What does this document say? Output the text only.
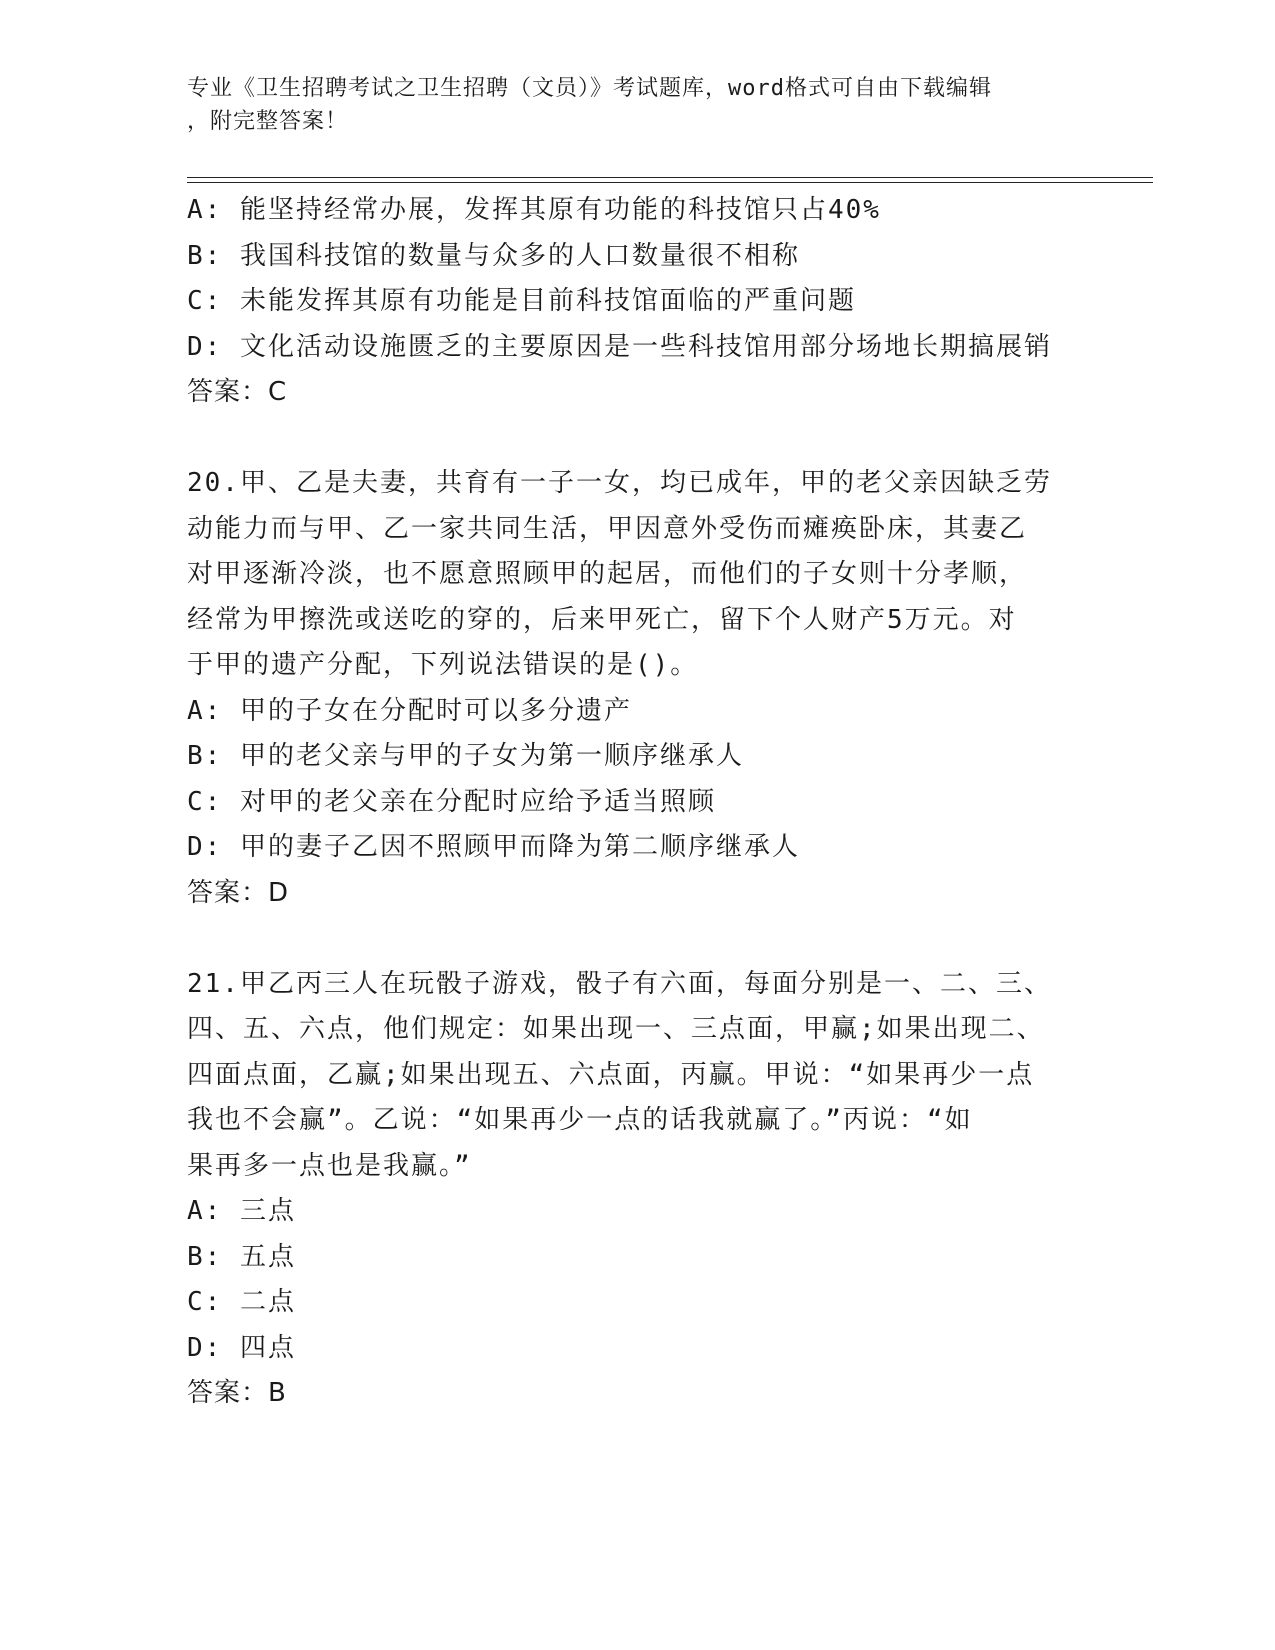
专业《卫生招聘考试之卫生招聘（文员）》考试题库，word格式可自由下载编辑
，附完整答案！
A: 能坚持经常办展，发挥其原有功能的科技馆只占40%
B: 我国科技馆的数量与众多的人口数量很不相称
C: 未能发挥其原有功能是目前科技馆面临的严重问题
D: 文化活动设施匮乏的主要原因是一些科技馆用部分场地长期搞展销
答案：C
20.甲、乙是夫妻，共育有一子一女，均已成年，甲的老父亲因缺乏劳
动能力而与甲、乙一家共同生活，甲因意外受伤而瘫痪卧床，其妻乙
对甲逐渐冷淡，也不愿意照顾甲的起居，而他们的子女则十分孝顺，
经常为甲擦洗或送吃的穿的，后来甲死亡，留下个人财产5万元。对
于甲的遗产分配，下列说法错误的是()。
A: 甲的子女在分配时可以多分遗产
B: 甲的老父亲与甲的子女为第一顺序继承人
C: 对甲的老父亲在分配时应给予适当照顾
D: 甲的妻子乙因不照顾甲而降为第二顺序继承人
答案：D
21.甲乙丙三人在玩骰子游戏，骰子有六面，每面分别是一、二、三、
四、五、六点，他们规定：如果出现一、三点面，甲赢;如果出现二、
四面点面，乙赢;如果出现五、六点面，丙赢。甲说：“如果再少一点
我也不会赢”。乙说：“如果再少一点的话我就赢了。”丙说：“如
果再多一点也是我赢。”
A: 三点
B: 五点
C: 二点
D: 四点
答案：B
